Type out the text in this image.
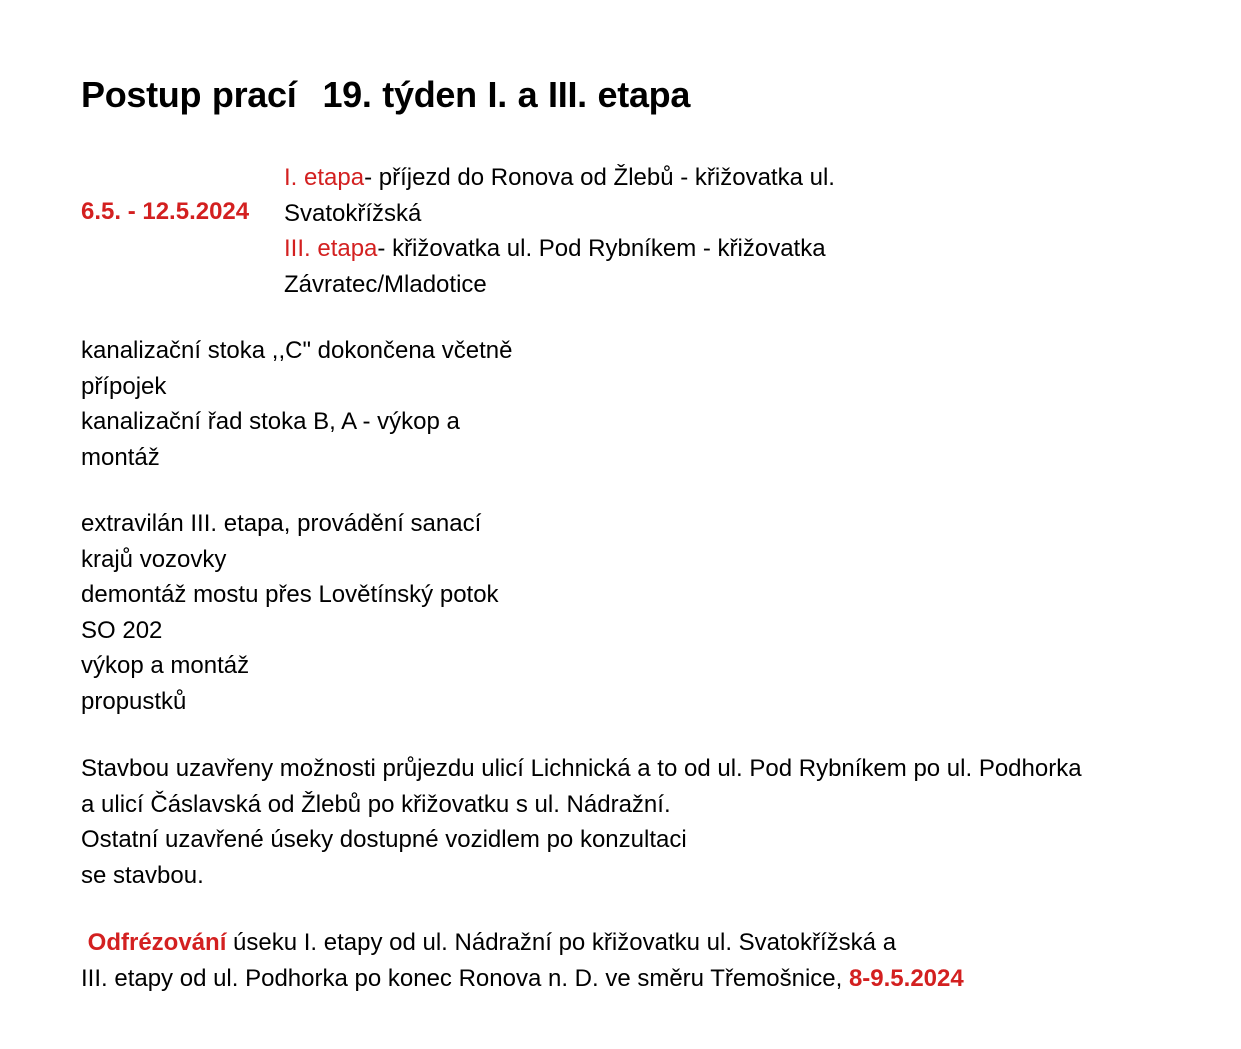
Postup prací 19. týden I. a III. etapa
6.5. - 12.5.2024
I. etapa- příjezd do Ronova od Žlebů - křižovatka ul.
Svatokřížská
III. etapa- křižovatka ul. Pod Rybníkem - křižovatka
Závratec/Mladotice
kanalizační stoka ,,C" dokončena včetně
přípojek
kanalizační řad stoka B, A - výkop a
montáž
extravilán III. etapa, provádění sanací
krajů vozovky
demontáž mostu přes Lovětínský potok
SO 202
výkop a montáž
propustků
Stavbou uzavřeny možnosti průjezdu ulicí Lichnická a to od ul. Pod Rybníkem po ul. Podhorka
a ulicí Čáslavská od Žlebů po křižovatku s ul. Nádražní.
Ostatní uzavřené úseky dostupné vozidlem po konzultaci
se stavbou.
Odfrézování úseku I. etapy od ul. Nádražní po křižovatku ul. Svatokřížská a
III. etapy od ul. Podhorka po konec Ronova n. D. ve směru Třemošnice, 8-9.5.2024
